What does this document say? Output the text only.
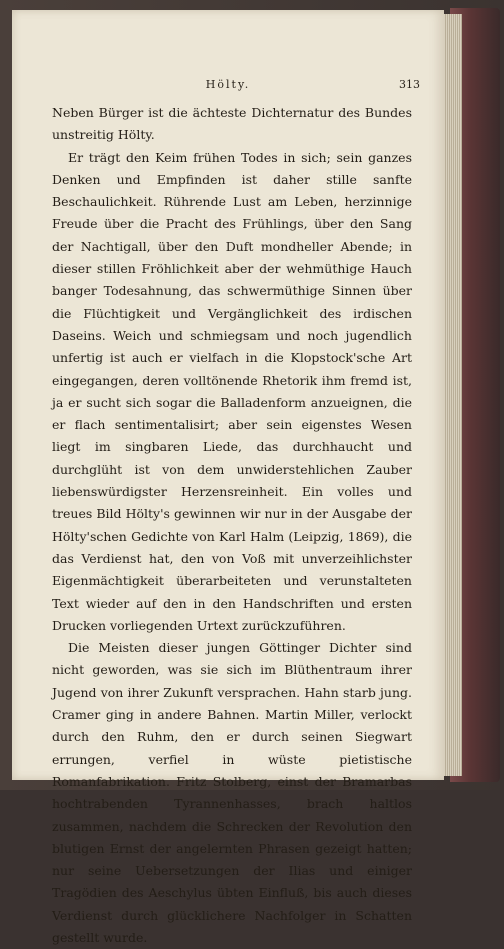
Hölty.	313

Neben Bürger ist die ächteste Dichternatur des Bundes unstreitig Hölty.

Er trägt den Keim frühen Todes in sich; sein ganzes Denken und Empfinden ist daher stille sanfte Beschaulichkeit. Rührende Lust am Leben, herzinnige Freude über die Pracht des Frühlings, über den Sang der Nachtigall, über den Duft mondheller Abende; in dieser stillen Fröhlichkeit aber der wehmüthige Hauch banger Todesahnung, das schwermüthige Sinnen über die Flüchtigkeit und Vergänglichkeit des irdischen Daseins. Weich und schmiegsam und noch jugendlich unfertig ist auch er vielfach in die Klopstock'sche Art eingegangen, deren volltönende Rhetorik ihm fremd ist, ja er sucht sich sogar die Balladenform anzueignen, die er flach sentimentalisirt; aber sein eigenstes Wesen liegt im singbaren Liede, das durchhaucht und durchglüht ist von dem unwiderstehlichen Zauber liebenswürdigster Herzensreinheit. Ein volles und treues Bild Hölty's gewinnen wir nur in der Ausgabe der Hölty'schen Gedichte von Karl Halm (Leipzig, 1869), die das Verdienst hat, den von Voß mit unverzeihlichster Eigenmächtigkeit überarbeiteten und verunstalteten Text wieder auf den in den Handschriften und ersten Drucken vorliegenden Urtext zurückzuführen.

Die Meisten dieser jungen Göttinger Dichter sind nicht geworden, was sie sich im Blüthentraum ihrer Jugend von ihrer Zukunft versprachen. Hahn starb jung. Cramer ging in andere Bahnen. Martin Miller, verlockt durch den Ruhm, den er durch seinen Siegwart errungen, verfiel in wüste pietistische Romanfabrikation. Fritz Stolberg, einst der Bramarbas hochtrabenden Tyrannenhasses, brach haltlos zusammen, nachdem die Schrecken der Revolution den blutigen Ernst der angelernten Phrasen gezeigt hatten; nur seine Uebersetzungen der Ilias und einiger Tragödien des Aeschylus übten Einfluß, bis auch dieses Verdienst durch glücklichere Nachfolger in Schatten gestellt wurde.
